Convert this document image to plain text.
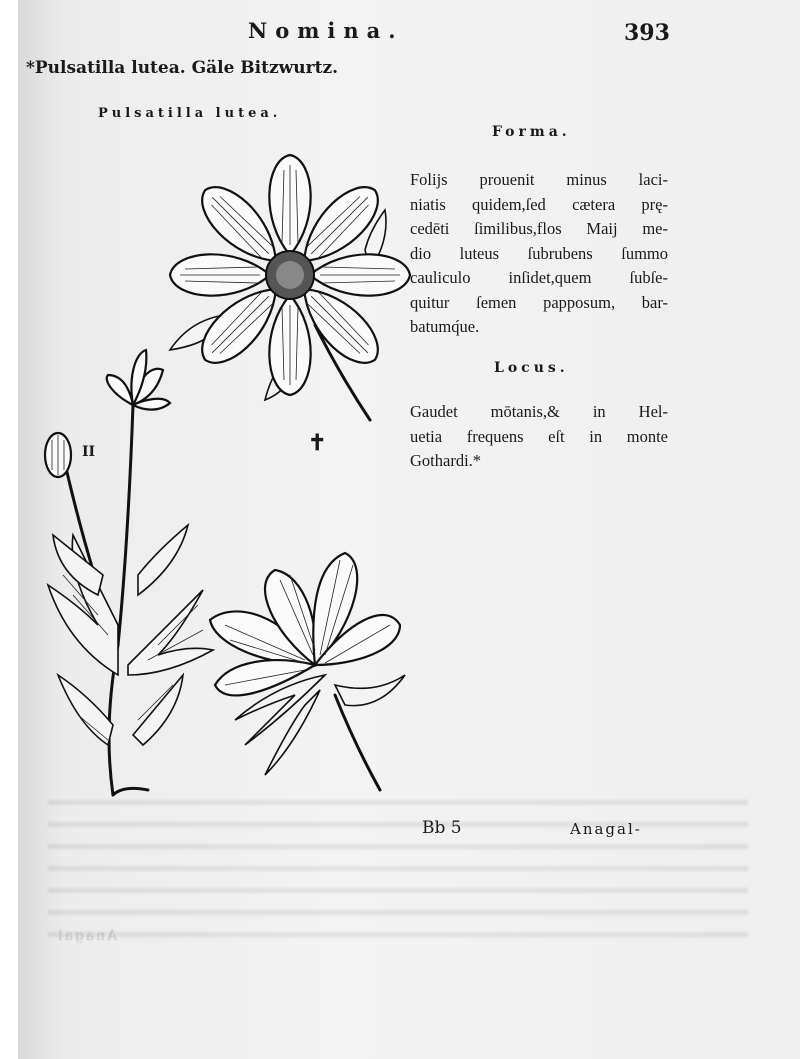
Anagal
Nomina.	393
*Pulsatilla lutea. Gäle Bitzwurtz.
Pulsatilla lutea.
Forma.
Folijs prouenit minus laci-
niatis quidem,ſed cætera prę-
cedēti ſimilibus,flos Maij me-
dio luteus ſubrubens ſummo
cauliculo inſidet,quem ſubſe-
quitur ſemen papposum, bar-
batumq́ue.
Locus.
Gaudet mōtanis,& in Hel-
uetia frequens eſt in monte
Gothardi.*
✝
II
Bb 5	Anagal-
